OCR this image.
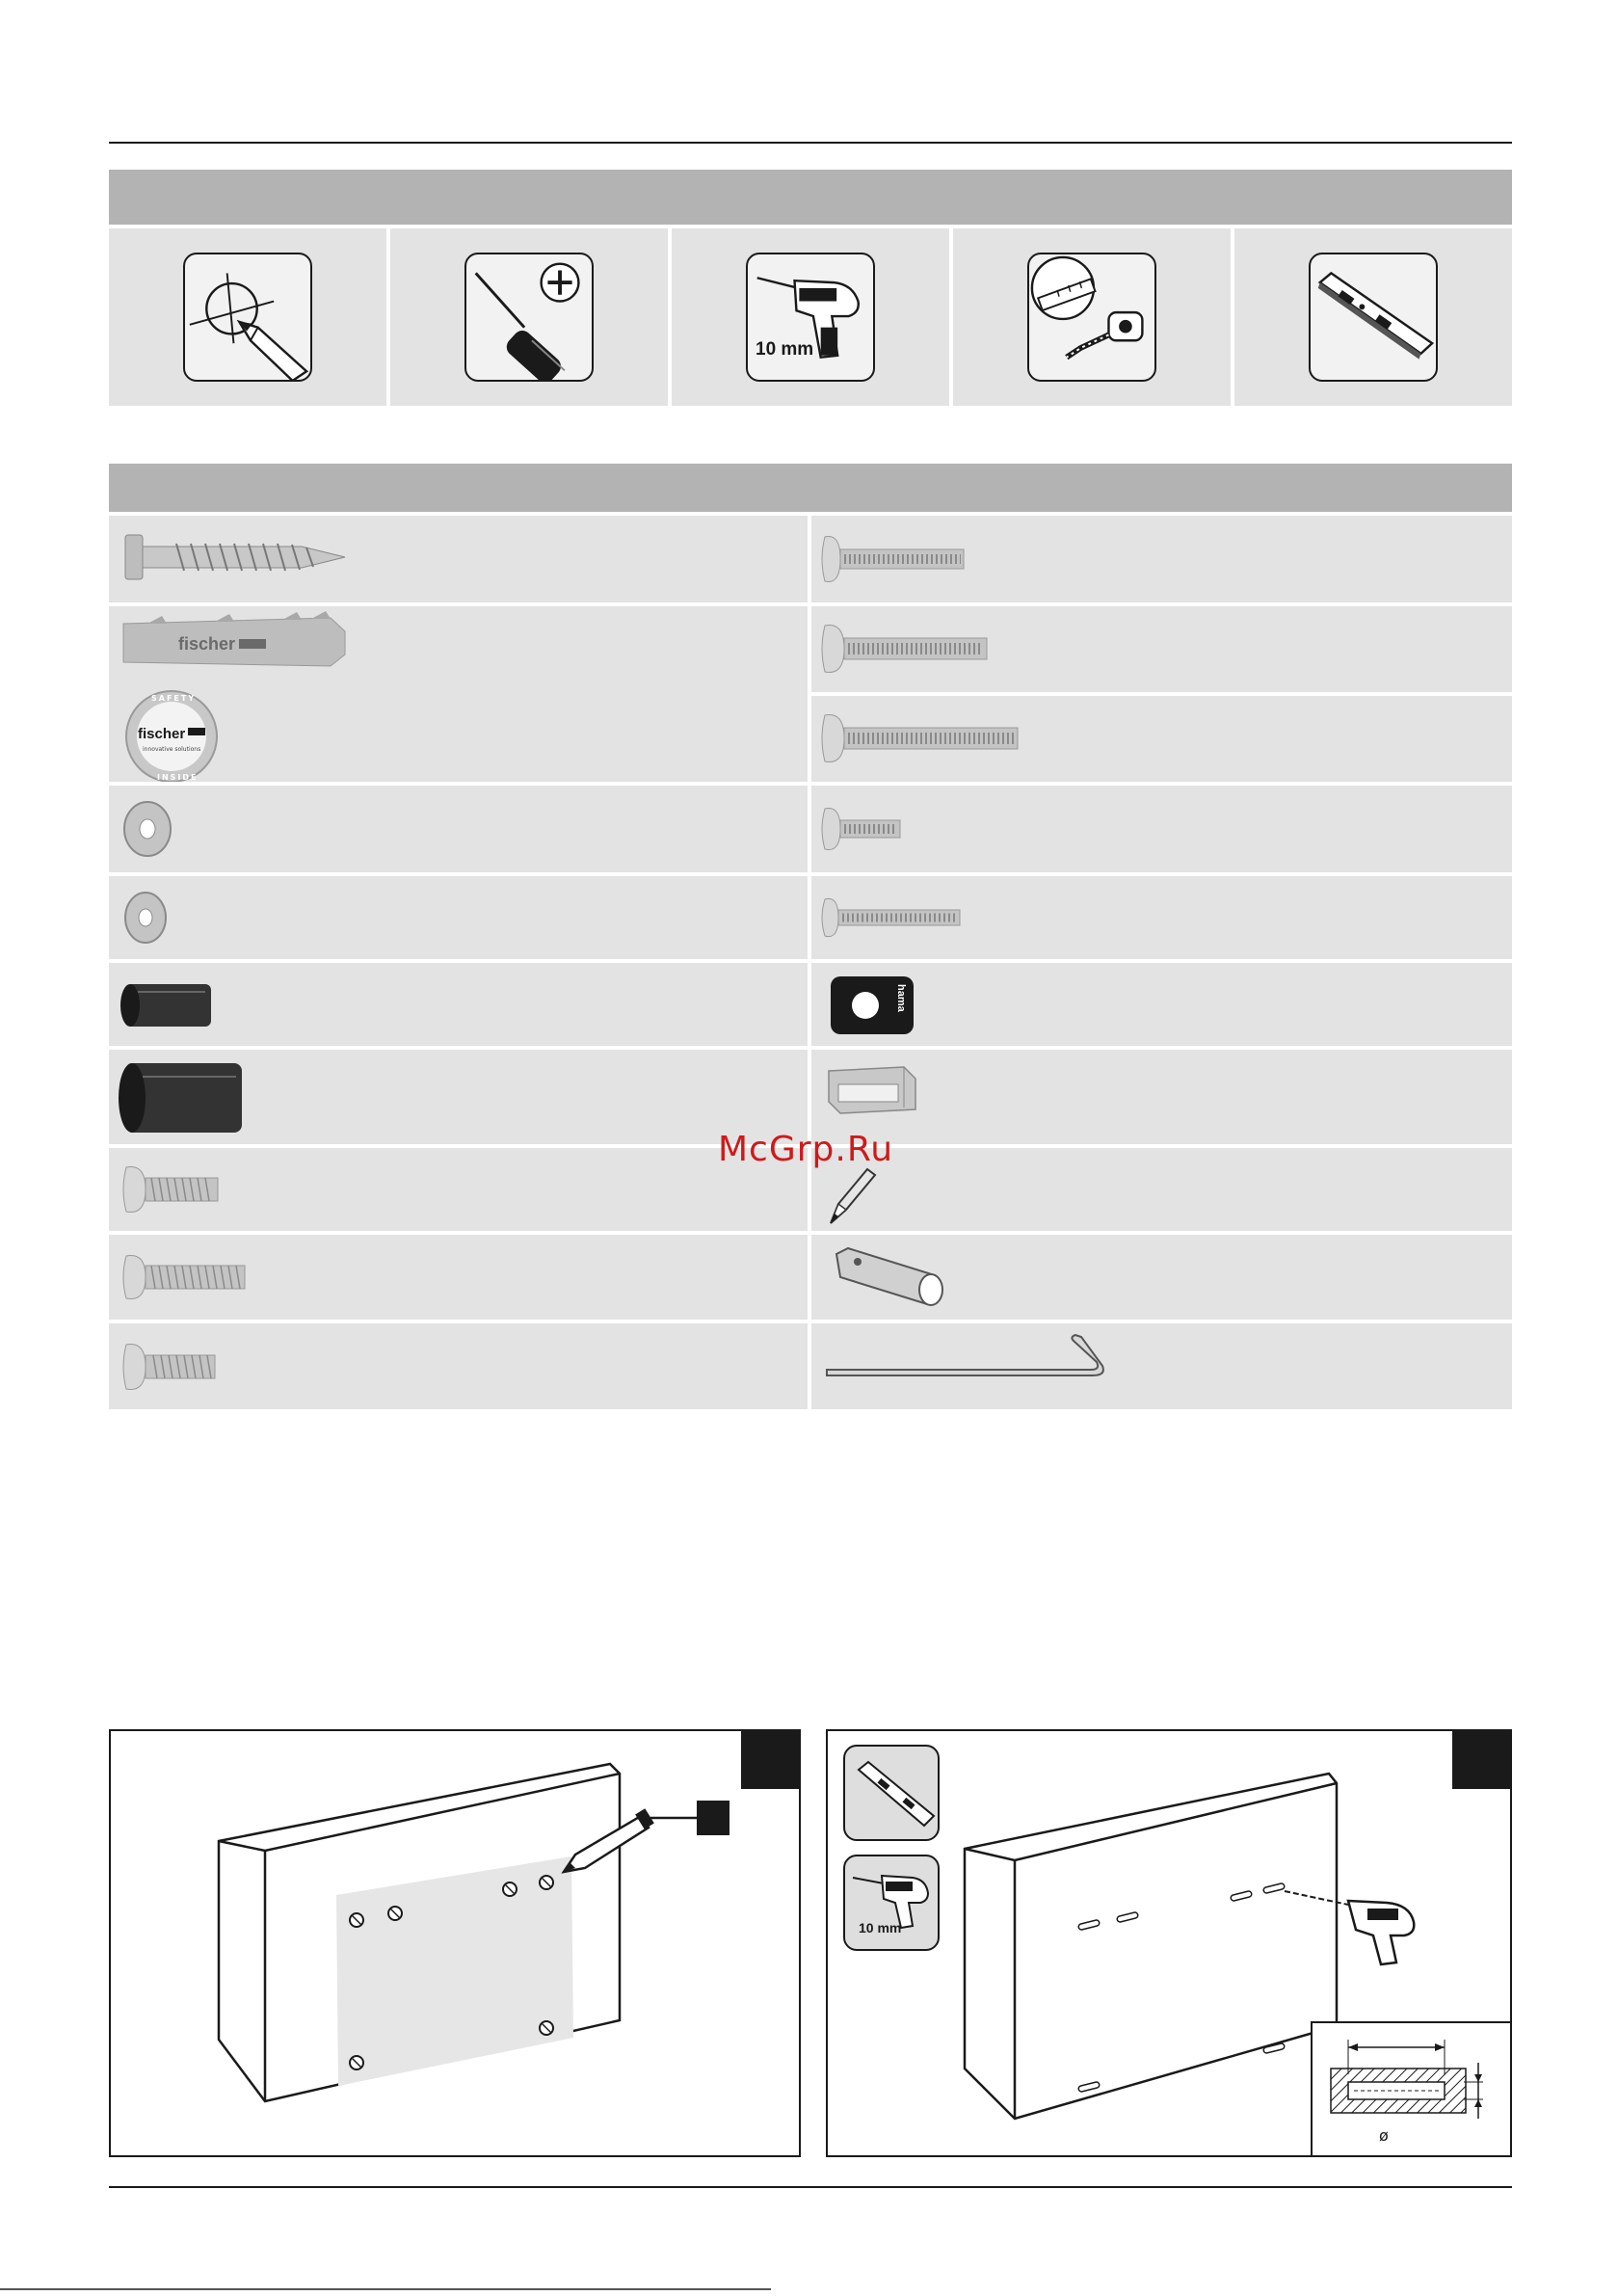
10 mm
fischer
fischer
SAFETY
INSIDE
innovative solutions
hama
McGrp.Ru
10 mm
ø
